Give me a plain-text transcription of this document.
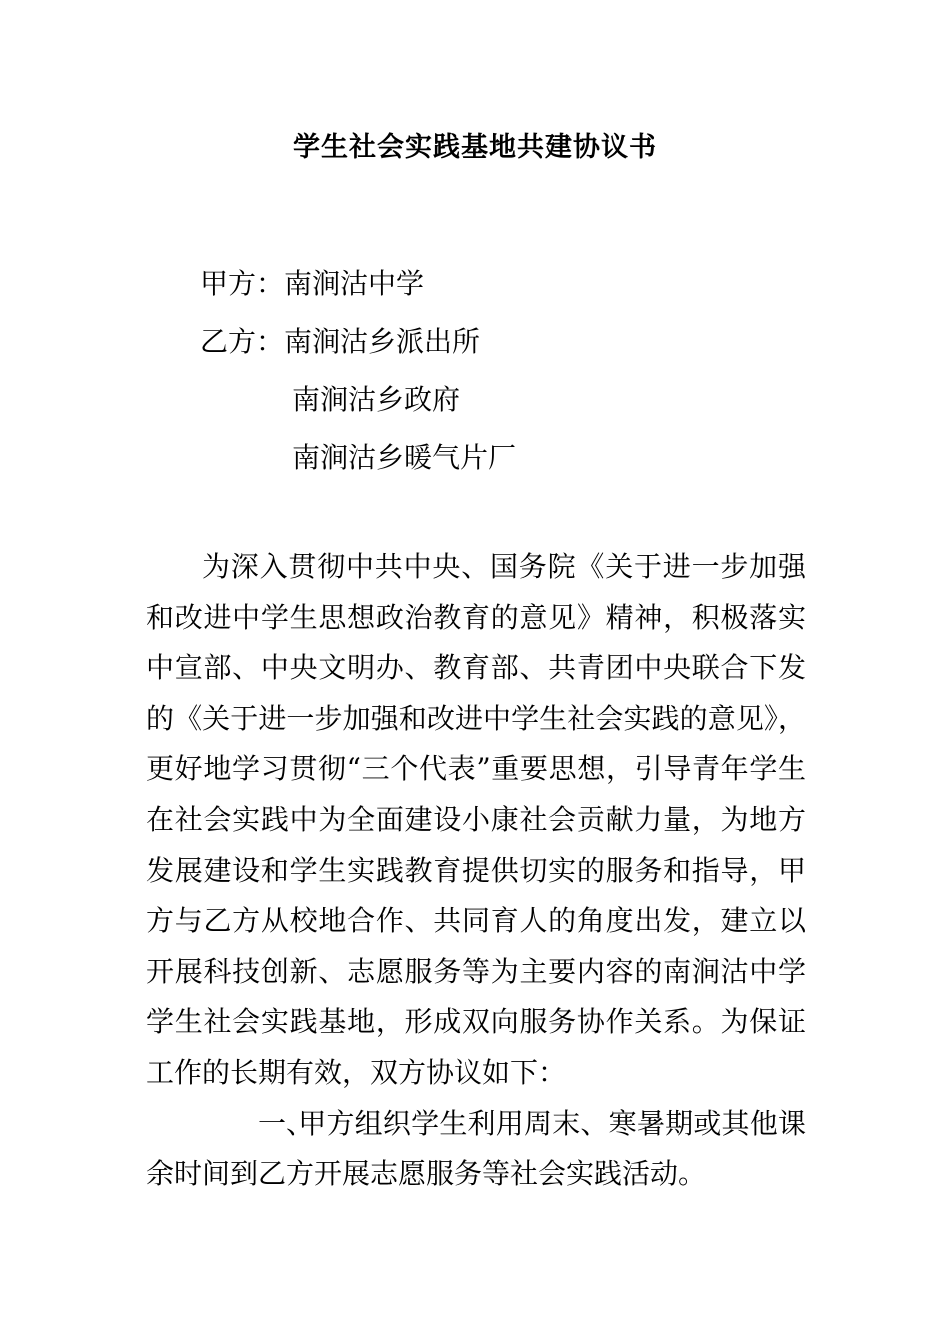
学生社会实践基地共建协议书
甲方：南涧沽中学
乙方：南涧沽乡派出所
南涧沽乡政府
南涧沽乡暖气片厂

为深入贯彻中共中央、国务院《关于进一步加强和改进中学生思想政治教育的意见》精神，积极落实中宣部、中央文明办、教育部、共青团中央联合下发的《关于进一步加强和改进中学生社会实践的意见》，更好地学习贯彻“三个代表”重要思想，引导青年学生在社会实践中为全面建设小康社会贡献力量，为地方发展建设和学生实践教育提供切实的服务和指导，甲方与乙方从校地合作、共同育人的角度出发，建立以开展科技创新、志愿服务等为主要内容的南涧沽中学学生社会实践基地，形成双向服务协作关系。为保证工作的长期有效，双方协议如下：

一、甲方组织学生利用周末、寒暑期或其他课余时间到乙方开展志愿服务等社会实践活动。
